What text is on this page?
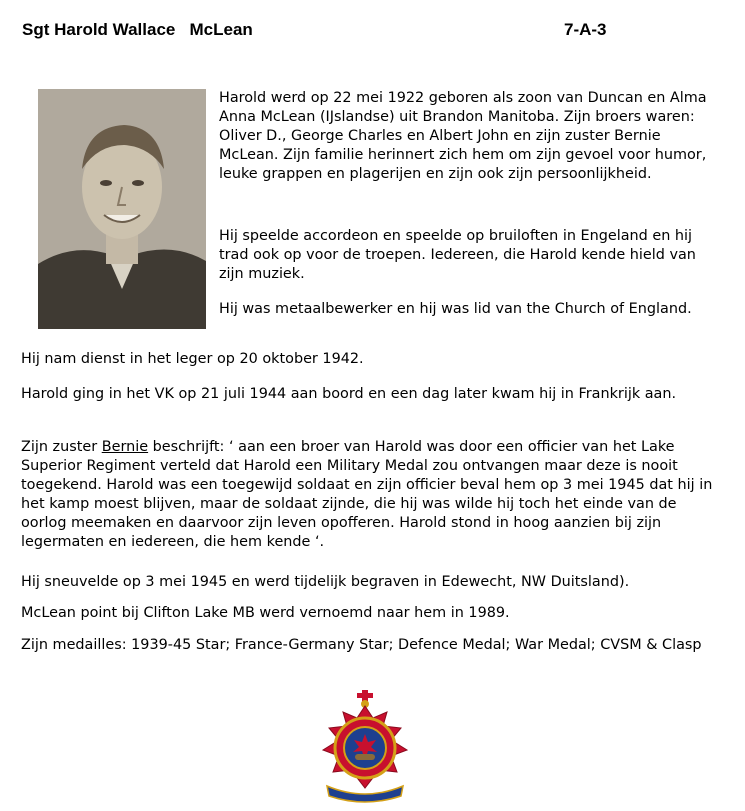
Sgt Harold Wallace   McLean	7-A-3

Harold werd op 22 mei 1922 geboren als zoon van Duncan en Alma Anna McLean (IJslandse) uit Brandon Manitoba. Zijn broers waren: Oliver D., George Charles en Albert John en zijn zuster Bernie McLean. Zijn familie herinnert zich hem om zijn gevoel voor humor, leuke grappen en plagerijen en zijn ook zijn persoonlijkheid.

Hij speelde accordeon en speelde op bruiloften in Engeland en hij trad ook op voor de troepen. Iedereen, die Harold kende hield van zijn muziek.

Hij was metaalbewerker en hij was lid van the Church of England.

Hij nam dienst in het leger op 20 oktober 1942.

Harold ging in het VK op 21 juli 1944 aan boord en een dag later kwam hij in Frankrijk aan.

Zijn zuster Bernie beschrijft: ‘ aan een broer van Harold was door een officier van het Lake Superior Regiment verteld dat Harold een Military Medal zou ontvangen maar deze is nooit toegekend. Harold was een toegewijd soldaat en zijn officier beval hem op 3 mei 1945 dat hij in het kamp moest blijven, maar de soldaat zijnde, die hij was wilde hij toch het einde van de oorlog meemaken en daarvoor zijn leven opofferen. Harold stond in hoog aanzien bij zijn legermaten en iedereen, die hem kende ‘.

Hij sneuvelde op 3 mei 1945 en werd tijdelijk begraven in Edewecht, NW Duitsland).

McLean point bij Clifton Lake MB werd vernoemd naar hem in 1989.

Zijn medailles: 1939-45 Star; France-Germany Star; Defence Medal; War Medal; CVSM & Clasp
